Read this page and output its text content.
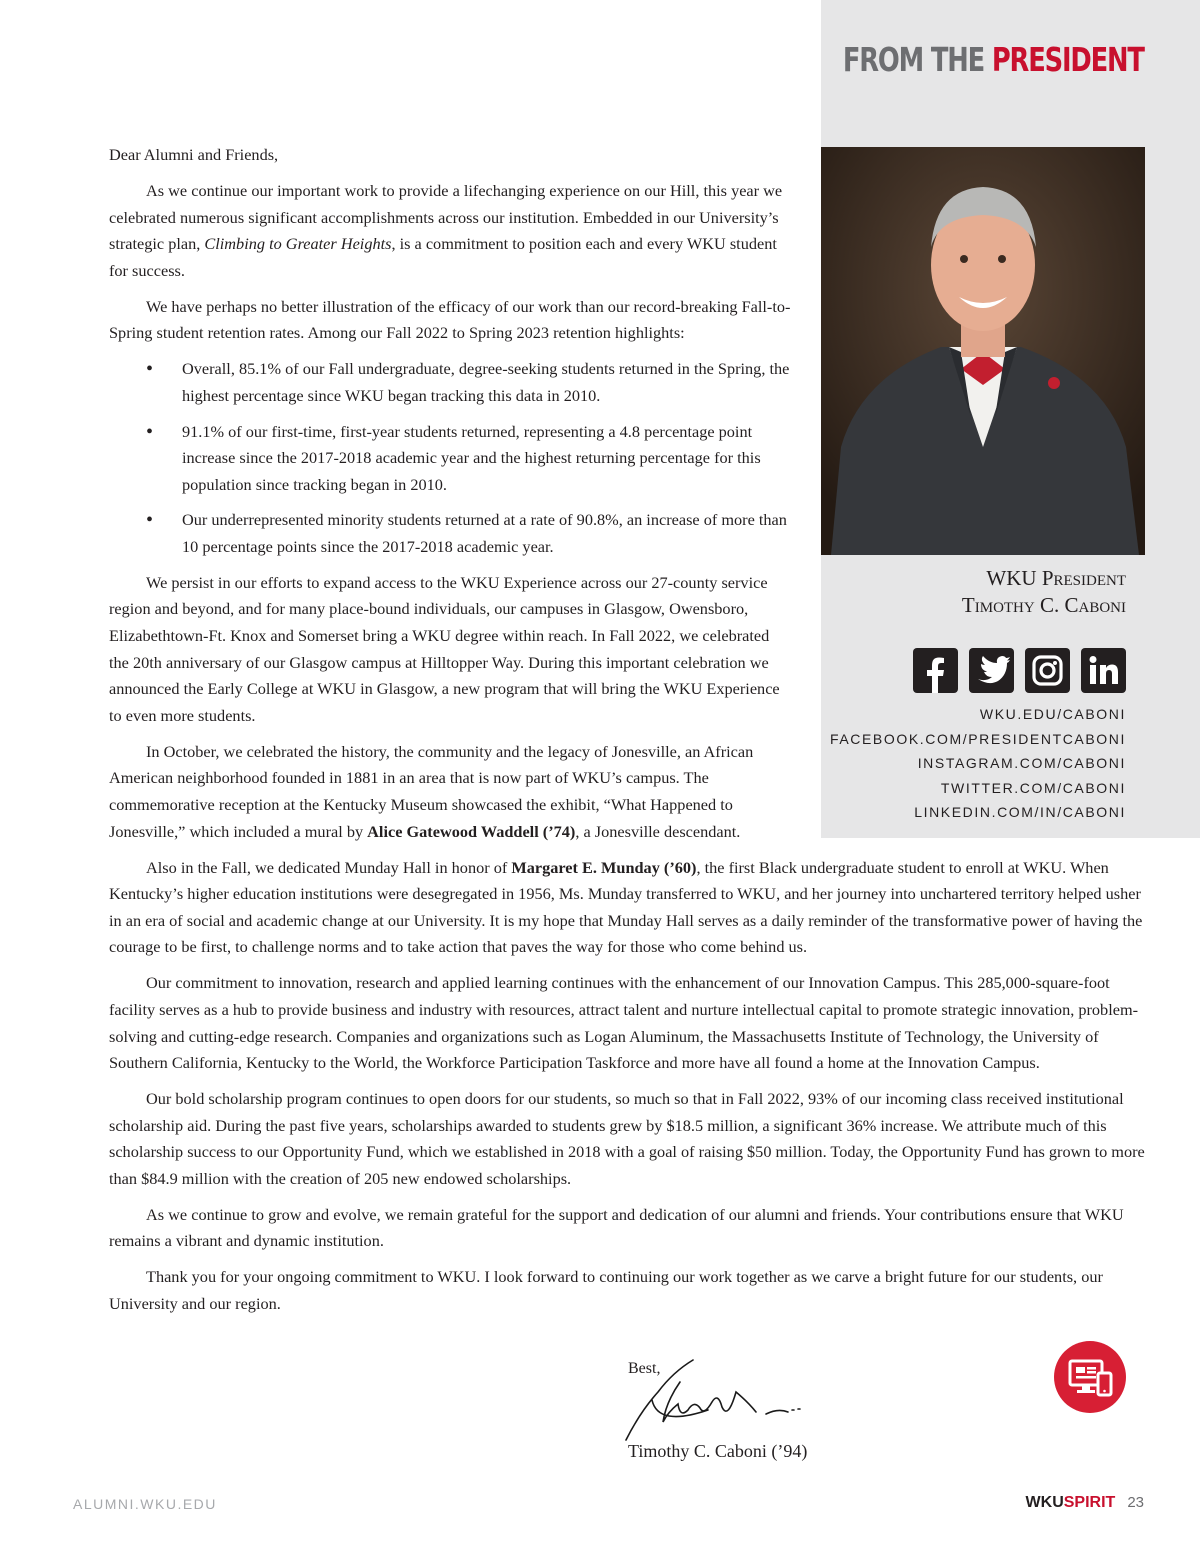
FROM THE PRESIDENT
WKU President
Timothy C. Caboni
WKU.EDU/CABONI
FACEBOOK.COM/PRESIDENTCABONI
INSTAGRAM.COM/CABONI
TWITTER.COM/CABONI
LINKEDIN.COM/IN/CABONI

Dear Alumni and Friends,

As we continue our important work to provide a lifechanging experience on our Hill, this year we celebrated numerous significant accomplishments across our institution. Embedded in our University’s strategic plan, Climbing to Greater Heights, is a commitment to position each and every WKU student for success.

We have perhaps no better illustration of the efficacy of our work than our record-breaking Fall-to-Spring student retention rates. Among our Fall 2022 to Spring 2023 retention highlights:

• Overall, 85.1% of our Fall undergraduate, degree-seeking students returned in the Spring, the highest percentage since WKU began tracking this data in 2010.
• 91.1% of our first-time, first-year students returned, representing a 4.8 percentage point increase since the 2017-2018 academic year and the highest returning percentage for this population since tracking began in 2010.
• Our underrepresented minority students returned at a rate of 90.8%, an increase of more than 10 percentage points since the 2017-2018 academic year.

We persist in our efforts to expand access to the WKU Experience across our 27-county service region and beyond, and for many place-bound individuals, our campuses in Glasgow, Owensboro, Elizabethtown-Ft. Knox and Somerset bring a WKU degree within reach. In Fall 2022, we celebrated the 20th anniversary of our Glasgow campus at Hilltopper Way. During this important celebration we announced the Early College at WKU in Glasgow, a new program that will bring the WKU Experience to even more students.

In October, we celebrated the history, the community and the legacy of Jonesville, an African American neighborhood founded in 1881 in an area that is now part of WKU’s campus. The commemorative reception at the Kentucky Museum showcased the exhibit, “What Happened to Jonesville,” which included a mural by Alice Gatewood Waddell (’74), a Jonesville descendant.

Also in the Fall, we dedicated Munday Hall in honor of Margaret E. Munday (’60), the first Black undergraduate student to enroll at WKU. When Kentucky’s higher education institutions were desegregated in 1956, Ms. Munday transferred to WKU, and her journey into unchartered territory helped usher in an era of social and academic change at our University. It is my hope that Munday Hall serves as a daily reminder of the transformative power of having the courage to be first, to challenge norms and to take action that paves the way for those who come behind us.

Our commitment to innovation, research and applied learning continues with the enhancement of our Innovation Campus. This 285,000-square-foot facility serves as a hub to provide business and industry with resources, attract talent and nurture intellectual capital to promote strategic innovation, problem-solving and cutting-edge research. Companies and organizations such as Logan Aluminum, the Massachusetts Institute of Technology, the University of Southern California, Kentucky to the World, the Workforce Participation Taskforce and more have all found a home at the Innovation Campus.

Our bold scholarship program continues to open doors for our students, so much so that in Fall 2022, 93% of our incoming class received institutional scholarship aid. During the past five years, scholarships awarded to students grew by $18.5 million, a significant 36% increase. We attribute much of this scholarship success to our Opportunity Fund, which we established in 2018 with a goal of raising $50 million. Today, the Opportunity Fund has grown to more than $84.9 million with the creation of 205 new endowed scholarships.

As we continue to grow and evolve, we remain grateful for the support and dedication of our alumni and friends. Your contributions ensure that WKU remains a vibrant and dynamic institution.

Thank you for your ongoing commitment to WKU. I look forward to continuing our work together as we carve a bright future for our students, our University and our region.

Best,
Timothy C. Caboni (’94)
ALUMNI.WKU.EDU	WKUSPIRIT 23
